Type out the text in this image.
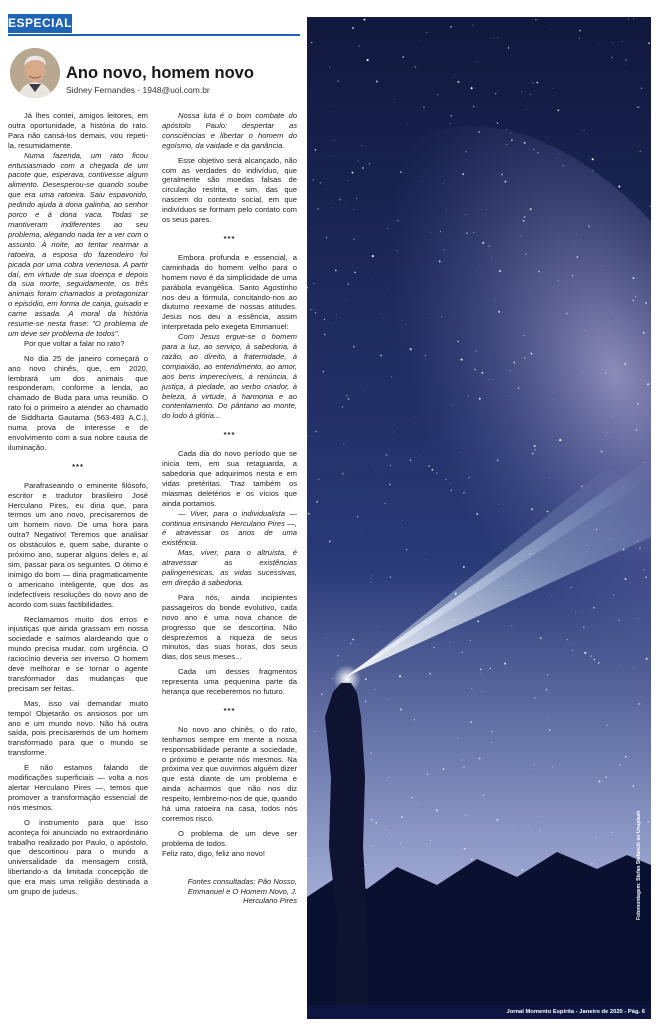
ESPECIAL
Ano novo, homem novo
Sidney Fernandes - 1948@uol.com.br

Já lhes contei, amigos leitores, em outra oportunidade, a história do rato. Para não cansá-los demais, vou repeti-la, resumidamente.

Numa fazenda, um rato ficou entusiasmado com a chegada de um pacote que, esperava, contivesse algum alimento. Desesperou-se quando soube que era uma ratoeira. Saiu espavorido, pedindo ajuda à dona galinha, ao senhor porco e à dona vaca. Todas se mantiveram indiferentes ao seu problema, alegando nada ter a ver com o assunto. À noite, ao tentar rearmar a ratoeira, a esposa do fazendeiro foi picada por uma cobra venenosa. A partir daí, em virtude de sua doença e depois da sua morte, seguidamente, os três animais foram chamados a protagonizar o episódio, em forma de canja, guisado e carne assada. A moral da história resume-se nesta frase: "O problema de um deve ser problema de todos".

Por que voltar a falar no rato?

No dia 25 de janeiro começará o ano novo chinês, que, em 2020, lembrará um dos animais que responderam, conforme a lenda, ao chamado de Buda para uma reunião. O rato foi o primeiro a atender ao chamado de Siddharta Gautama (563-483 A.C.), numa prova de interesse e de envolvimento com a sua nobre causa de iluminação.

***

Parafraseando o eminente filósofo, escritor e tradutor brasileiro José Herculano Pires, eu diria que, para termos um ano novo, precisaremos de um homem novo. De uma hora para outra? Negativo! Teremos que analisar os obstáculos e, quem sabe, durante o próximo ano, superar alguns deles e, aí sim, passar para os seguintes. O ótimo é inimigo do bom — diria pragmaticamente o americano inteligente, que dos as indefectíveis resoluções do novo ano de acordo com suas factibilidades.

Reclamamos muito dos erros e injustiças que ainda grassam em nossa sociedade e saímos alardeando que o mundo precisa mudar, com urgência. O raciocínio deveria ser inverso. O homem deve melhorar e se tornar o agente transformador das mudanças que precisam ser feitas.

Mas, isso vai demandar muito tempo! Objetarão os ansiosos por um ano e um mundo novo. Não há outra saída, pois precisaremos de um homem transformado para que o mundo se transforme.

E não estamos falando de modificações superficiais — volta a nos alertar Herculano Pires —, temos que promover a transformação essencial de nós mesmos.

O instrumento para que isso aconteça foi anunciado no extraordinário trabalho realizado por Paulo, o apóstolo, que descortinou para o mundo a universalidade da mensagem cristã, libertando-a da limitada concepção de que era mais uma religião destinada a um grupo de judeus.

Nossa luta é o bom combate do apóstolo Paulo: despertar as consciências e libertar o homem do egoísmo, da vaidade e da ganância.

Esse objetivo será alcançado, não com as verdades do indivíduo, que geralmente são moedas falsas de circulação restrita, e sim, das que nascem do contexto social, em que indivíduos se formam pelo contato com os seus pares.

***

Embora profunda e essencial, a caminhada do homem velho para o homem novo é da simplicidade de uma parábola evangélica. Santo Agostinho nos deu a fórmula, concitando-nos ao diuturno reexame de nossas atitudes. Jesus nos deu a essência, assim interpretada pelo exegeta Emmanuel:

Com Jesus ergue-se o homem para a luz, ao serviço, à sabedoria, à razão, ao direito, à fraternidade, à compaixão, ao entendimento, ao amor, aos bens imperecíveis, à renúncia, à justiça, à piedade, ao verbo criador, à beleza, à virtude, à harmonia e ao contentamento. Do pântano ao monte, do lodo à glória...

***

Cada dia do novo período que se inicia tem, em sua retaguarda, a sabedoria que adquirimos nesta e em vidas pretéritas. Traz também os miasmas deletérios e os vícios que ainda portamos.

— Viver, para o individualista — continua ensinando Herculano Pires —, é atravessar os anos de uma existência.

Mas, viver, para o altruísta, é atravessar as existências palingenésicas, as vidas sucessivas, em direção à sabedoria.

Para nós, ainda incipientes passageiros do bonde evolutivo, cada novo ano é uma nova chance de progresso que se descortina. Não desprezemos a riqueza de seus minutos, das suas horas, dos seus dias, dos seus meses...

Cada um desses fragmentos representa uma pequenina parte da herança que receberemos no futuro.

***

No novo ano chinês, o do rato, tenhamos sempre em mente a nossa responsabilidade perante a sociedade, o próximo e perante nós mesmos. Na próxima vez que ouvirmos alguém dizer que está diante de um problema e ainda acharmos que não nos diz respeito, lembremo-nos de que, quando há uma ratoeira na casa, todos nós corremos risco.

O problema de um deve ser problema de todos.

Feliz rato, digo, feliz ano novo!

Fontes consultadas: Pão Nosso, Emmanuel e O Homem Novo, J. Herculano Pires	Fotomontagem: Stefan Stefancik on Unsplash
Jornal Momento Espírita - Janeiro de 2020 - Pág. 6
